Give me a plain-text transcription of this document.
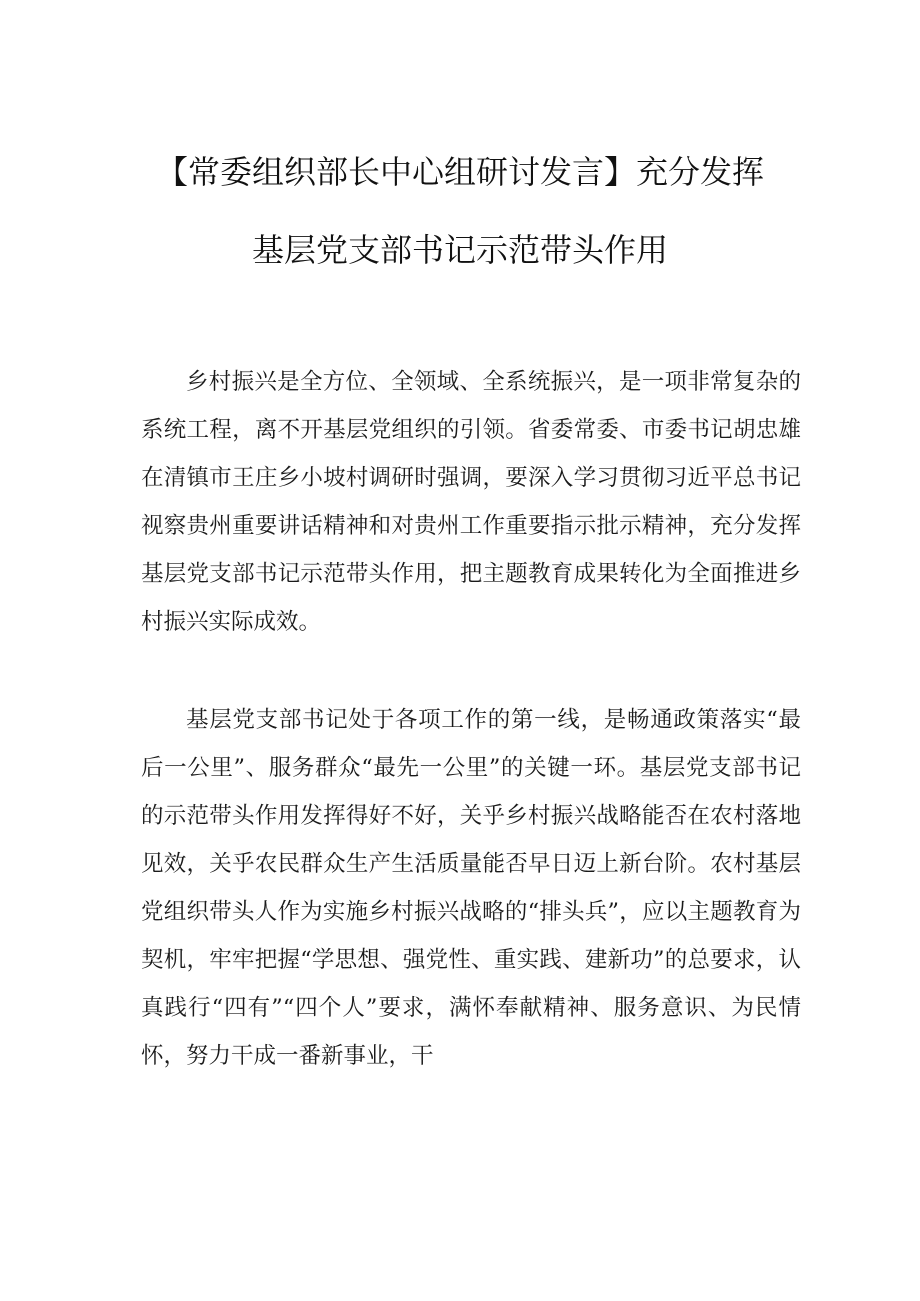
【常委组织部长中心组研讨发言】充分发挥
基层党支部书记示范带头作用

乡村振兴是全方位、全领域、全系统振兴，是一项非常复杂的系统工程，离不开基层党组织的引领。省委常委、市委书记胡忠雄在清镇市王庄乡小坡村调研时强调，要深入学习贯彻习近平总书记视察贵州重要讲话精神和对贵州工作重要指示批示精神，充分发挥基层党支部书记示范带头作用，把主题教育成果转化为全面推进乡村振兴实际成效。

基层党支部书记处于各项工作的第一线，是畅通政策落实“最后一公里”、服务群众“最先一公里”的关键一环。基层党支部书记的示范带头作用发挥得好不好，关乎乡村振兴战略能否在农村落地见效，关乎农民群众生产生活质量能否早日迈上新台阶。农村基层党组织带头人作为实施乡村振兴战略的“排头兵”，应以主题教育为契机，牢牢把握“学思想、强党性、重实践、建新功”的总要求，认真践行“四有”“四个人”要求，满怀奉献精神、服务意识、为民情怀，努力干成一番新事业，干
